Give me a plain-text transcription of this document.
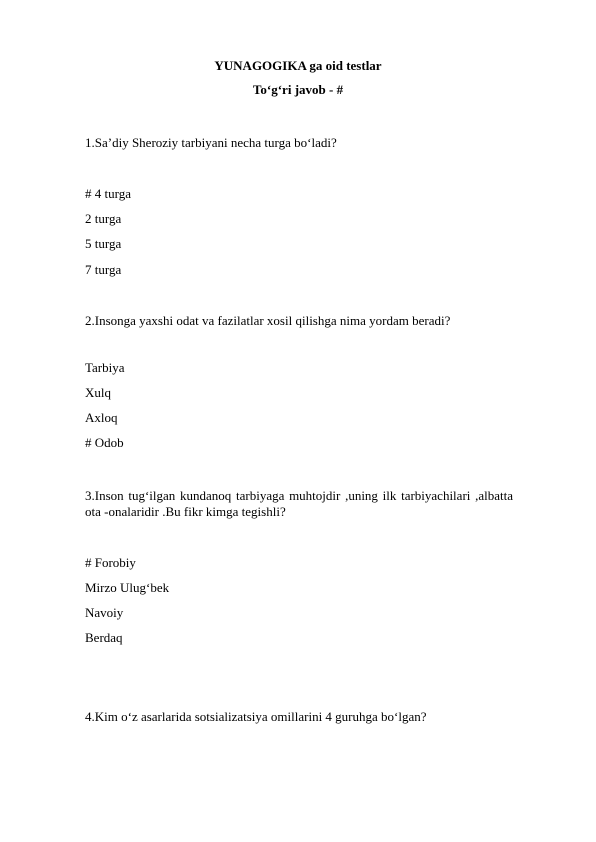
YUNAGOGIKA ga oid testlar
To‘g‘ri javob - #

1.Sa’diy Sheroziy tarbiyani necha turga bo‘ladi?

# 4 turga

2 turga

5 turga

7 turga

2.Insonga yaxshi odat va fazilatlar xosil qilishga nima yordam beradi?

Tarbiya

Xulq

Axloq

# Odob

3.Inson tug‘ilgan kundanoq tarbiyaga muhtojdir ,uning ilk tarbiyachilari ,albatta ota -onalaridir .Bu fikr kimga tegishli?

# Forobiy

Mirzo Ulug‘bek

Navoiy

Berdaq

4.Kim o‘z asarlarida sotsializatsiya omillarini 4 guruhga bo‘lgan?
